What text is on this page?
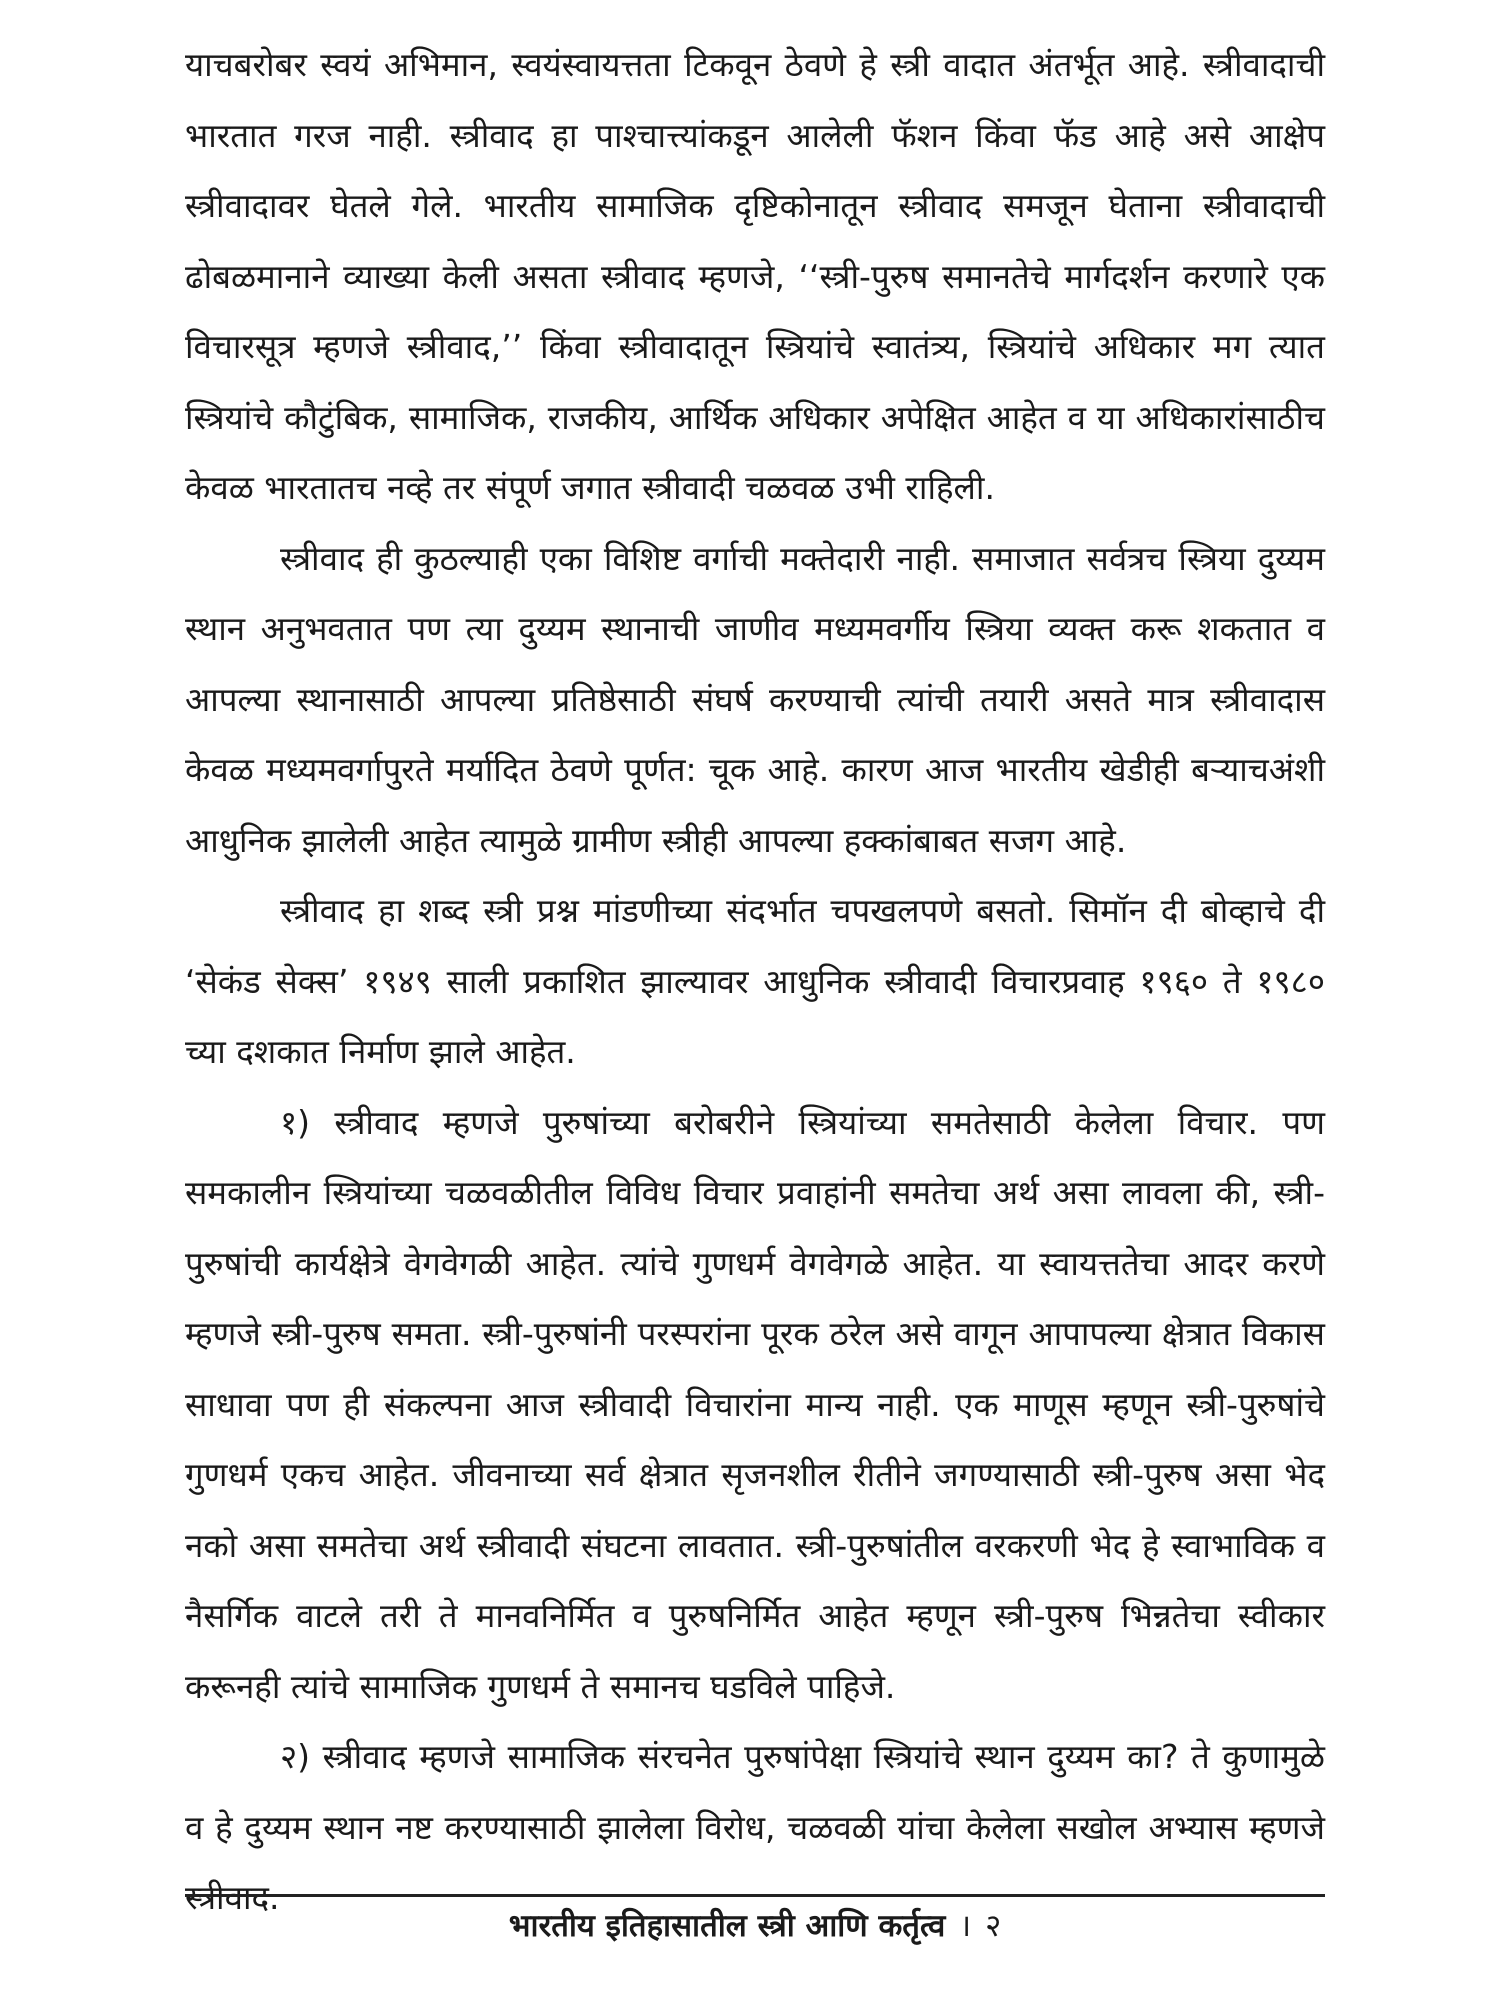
याचबरोबर स्वयं अभिमान, स्वयंस्वायत्तता टिकवून ठेवणे हे स्त्री वादात अंतर्भूत आहे. स्त्रीवादाची भारतात गरज नाही. स्त्रीवाद हा पाश्चात्त्यांकडून आलेली फॅशन किंवा फॅड आहे असे आक्षेप स्त्रीवादावर घेतले गेले. भारतीय सामाजिक दृष्टिकोनातून स्त्रीवाद समजून घेताना स्त्रीवादाची ढोबळमानाने व्याख्या केली असता स्त्रीवाद म्हणजे, ‘‘स्त्री-पुरुष समानतेचे मार्गदर्शन करणारे एक विचारसूत्र म्हणजे स्त्रीवाद,’’ किंवा स्त्रीवादातून स्त्रियांचे स्वातंत्र्य, स्त्रियांचे अधिकार मग त्यात स्त्रियांचे कौटुंबिक, सामाजिक, राजकीय, आर्थिक अधिकार अपेक्षित आहेत व या अधिकारांसाठीच केवळ भारतातच नव्हे तर संपूर्ण जगात स्त्रीवादी चळवळ उभी राहिली.

स्त्रीवाद ही कुठल्याही एका विशिष्ट वर्गाची मक्तेदारी नाही. समाजात सर्वत्रच स्त्रिया दुय्यम स्थान अनुभवतात पण त्या दुय्यम स्थानाची जाणीव मध्यमवर्गीय स्त्रिया व्यक्त करू शकतात व आपल्या स्थानासाठी आपल्या प्रतिष्ठेसाठी संघर्ष करण्याची त्यांची तयारी असते मात्र स्त्रीवादास केवळ मध्यमवर्गापुरते मर्यादित ठेवणे पूर्णत: चूक आहे. कारण आज भारतीय खेडीही बऱ्याचअंशी आधुनिक झालेली आहेत त्यामुळे ग्रामीण स्त्रीही आपल्या हक्कांबाबत सजग आहे.

स्त्रीवाद हा शब्द स्त्री प्रश्न मांडणीच्या संदर्भात चपखलपणे बसतो. सिमॉन दी बोव्हाचे दी ‘सेकंड सेक्स’ १९४९ साली प्रकाशित झाल्यावर आधुनिक स्त्रीवादी विचारप्रवाह १९६० ते १९८० च्या दशकात निर्माण झाले आहेत.

१) स्त्रीवाद म्हणजे पुरुषांच्या बरोबरीने स्त्रियांच्या समतेसाठी केलेला विचार. पण समकालीन स्त्रियांच्या चळवळीतील विविध विचार प्रवाहांनी समतेचा अर्थ असा लावला की, स्त्री-पुरुषांची कार्यक्षेत्रे वेगवेगळी आहेत. त्यांचे गुणधर्म वेगवेगळे आहेत. या स्वायत्ततेचा आदर करणे म्हणजे स्त्री-पुरुष समता. स्त्री-पुरुषांनी परस्परांना पूरक ठरेल असे वागून आपापल्या क्षेत्रात विकास साधावा पण ही संकल्पना आज स्त्रीवादी विचारांना मान्य नाही. एक माणूस म्हणून स्त्री-पुरुषांचे गुणधर्म एकच आहेत. जीवनाच्या सर्व क्षेत्रात सृजनशील रीतीने जगण्यासाठी स्त्री-पुरुष असा भेद नको असा समतेचा अर्थ स्त्रीवादी संघटना लावतात. स्त्री-पुरुषांतील वरकरणी भेद हे स्वाभाविक व नैसर्गिक वाटले तरी ते मानवनिर्मित व पुरुषनिर्मित आहेत म्हणून स्त्री-पुरुष भिन्नतेचा स्वीकार करूनही त्यांचे सामाजिक गुणधर्म ते समानच घडविले पाहिजे.

२) स्त्रीवाद म्हणजे सामाजिक संरचनेत पुरुषांपेक्षा स्त्रियांचे स्थान दुय्यम का? ते कुणामुळे व हे दुय्यम स्थान नष्ट करण्यासाठी झालेला विरोध, चळवळी यांचा केलेला सखोल अभ्यास म्हणजे स्त्रीवाद.

भारतीय इतिहासातील स्त्री आणि कर्तृत्व । २
